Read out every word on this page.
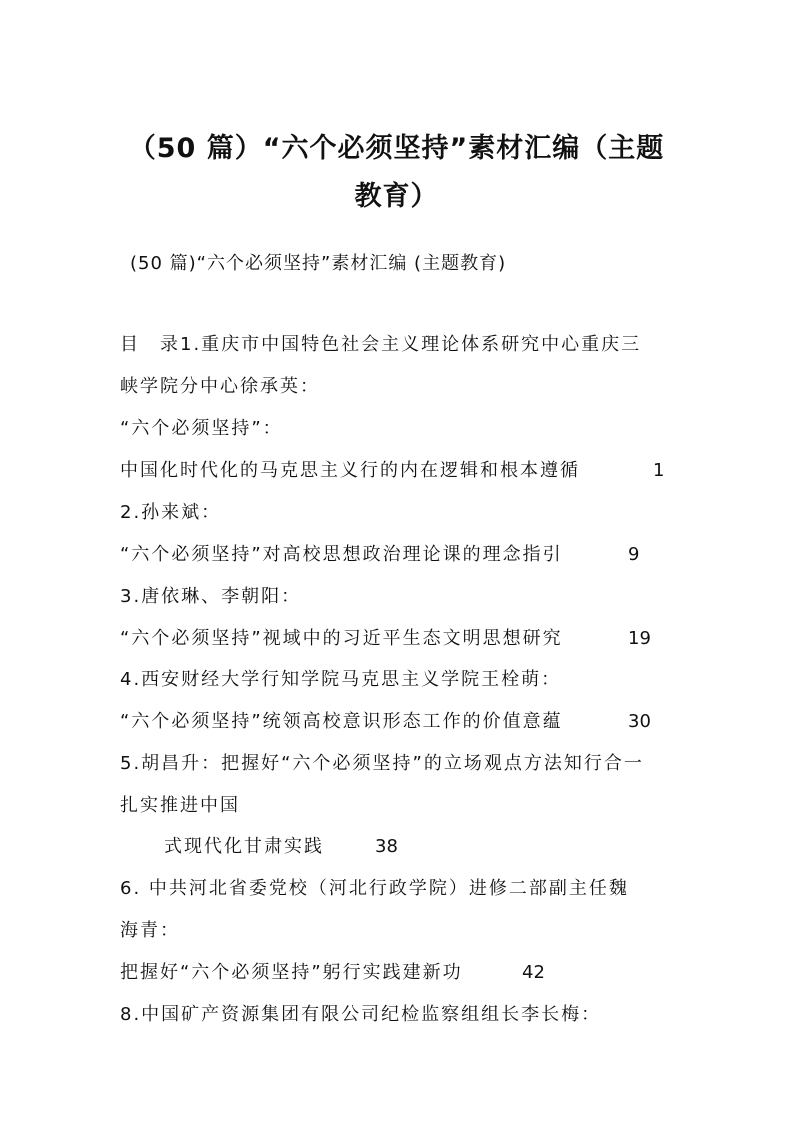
（50 篇）“六个必须坚持”素材汇编（主题
教育）
(50 篇)“六个必须坚持”素材汇编 (主题教育)
目　录1.重庆市中国特色社会主义理论体系研究中心重庆三
峡学院分中心徐承英：
“六个必须坚持”：
中国化时代化的马克思主义行的内在逻辑和根本遵循	1
2.孙来斌：
“六个必须坚持”对高校思想政治理论课的理念指引	9
3.唐依琳、李朝阳：
“六个必须坚持”视域中的习近平生态文明思想研究	19
4.西安财经大学行知学院马克思主义学院王栓萌：
“六个必须坚持”统领高校意识形态工作的价值意蕴	30
5.胡昌升：把握好“六个必须坚持”的立场观点方法知行合一
扎实推进中国
式现代化甘肃实践	38
6. 中共河北省委党校（河北行政学院）进修二部副主任魏
海青：
把握好“六个必须坚持”躬行实践建新功	42
8.中国矿产资源集团有限公司纪检监察组组长李长梅：
